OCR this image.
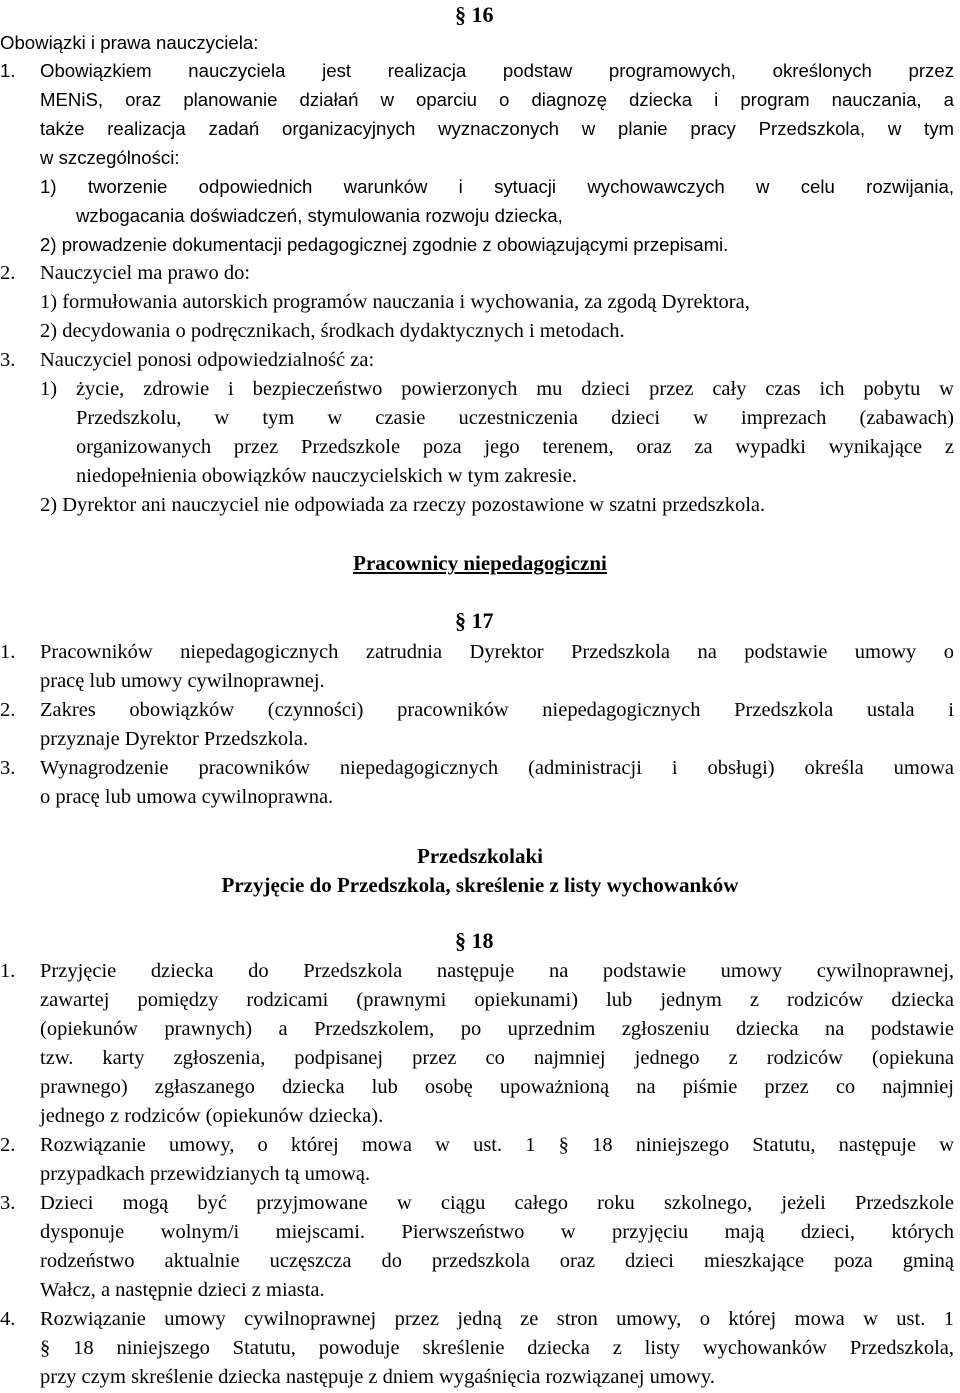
§ 16
Obowiązki i prawa nauczyciela:
1. Obowiązkiem nauczyciela jest realizacja podstaw programowych, określonych przez
MENiS, oraz planowanie działań w oparciu o diagnozę dziecka i program nauczania, a
także realizacja zadań organizacyjnych wyznaczonych w planie pracy Przedszkola, w tym
w szczególności:
1) tworzenie odpowiednich warunków i sytuacji wychowawczych w celu rozwijania,
wzbogacania doświadczeń, stymulowania rozwoju dziecka,
2) prowadzenie dokumentacji pedagogicznej zgodnie z obowiązującymi przepisami.
2. Nauczyciel ma prawo do:
1) formułowania autorskich programów nauczania i wychowania, za zgodą Dyrektora,
2) decydowania o podręcznikach, środkach dydaktycznych i metodach.
3. Nauczyciel ponosi odpowiedzialność za:
1) życie, zdrowie i bezpieczeństwo powierzonych mu dzieci przez cały czas ich pobytu w
Przedszkolu, w tym w czasie uczestniczenia dzieci w imprezach (zabawach)
organizowanych przez Przedszkole poza jego terenem, oraz za wypadki wynikające z
niedopełnienia obowiązków nauczycielskich w tym zakresie.
2) Dyrektor ani nauczyciel nie odpowiada za rzeczy pozostawione w szatni przedszkola.
Pracownicy niepedagogiczni
§ 17
1. Pracowników niepedagogicznych zatrudnia Dyrektor Przedszkola na podstawie umowy o
pracę lub umowy cywilnoprawnej.
2. Zakres obowiązków (czynności) pracowników niepedagogicznych Przedszkola ustala i
przyznaje Dyrektor Przedszkola.
3. Wynagrodzenie pracowników niepedagogicznych (administracji i obsługi) określa umowa
o pracę lub umowa cywilnoprawna.
Przedszkolaki
Przyjęcie do Przedszkola, skreślenie z listy wychowanków
§ 18
1. Przyjęcie dziecka do Przedszkola następuje na podstawie umowy cywilnoprawnej,
zawartej pomiędzy rodzicami (prawnymi opiekunami) lub jednym z rodziców dziecka
(opiekunów prawnych) a Przedszkolem, po uprzednim zgłoszeniu dziecka na podstawie
tzw. karty zgłoszenia, podpisanej przez co najmniej jednego z rodziców (opiekuna
prawnego) zgłaszanego dziecka lub osobę upoważnioną na piśmie przez co najmniej
jednego z rodziców (opiekunów dziecka).
2. Rozwiązanie umowy, o której mowa w ust. 1 § 18 niniejszego Statutu, następuje w
przypadkach przewidzianych tą umową.
3. Dzieci mogą być przyjmowane w ciągu całego roku szkolnego, jeżeli Przedszkole
dysponuje wolnym/i miejscami. Pierwszeństwo w przyjęciu mają dzieci, których
rodzeństwo aktualnie uczęszcza do przedszkola oraz dzieci mieszkające poza gminą
Wałcz, a następnie dzieci z miasta.
4. Rozwiązanie umowy cywilnoprawnej przez jedną ze stron umowy, o której mowa w ust. 1
§ 18 niniejszego Statutu, powoduje skreślenie dziecka z listy wychowanków Przedszkola,
przy czym skreślenie dziecka następuje z dniem wygaśnięcia rozwiązanej umowy.
